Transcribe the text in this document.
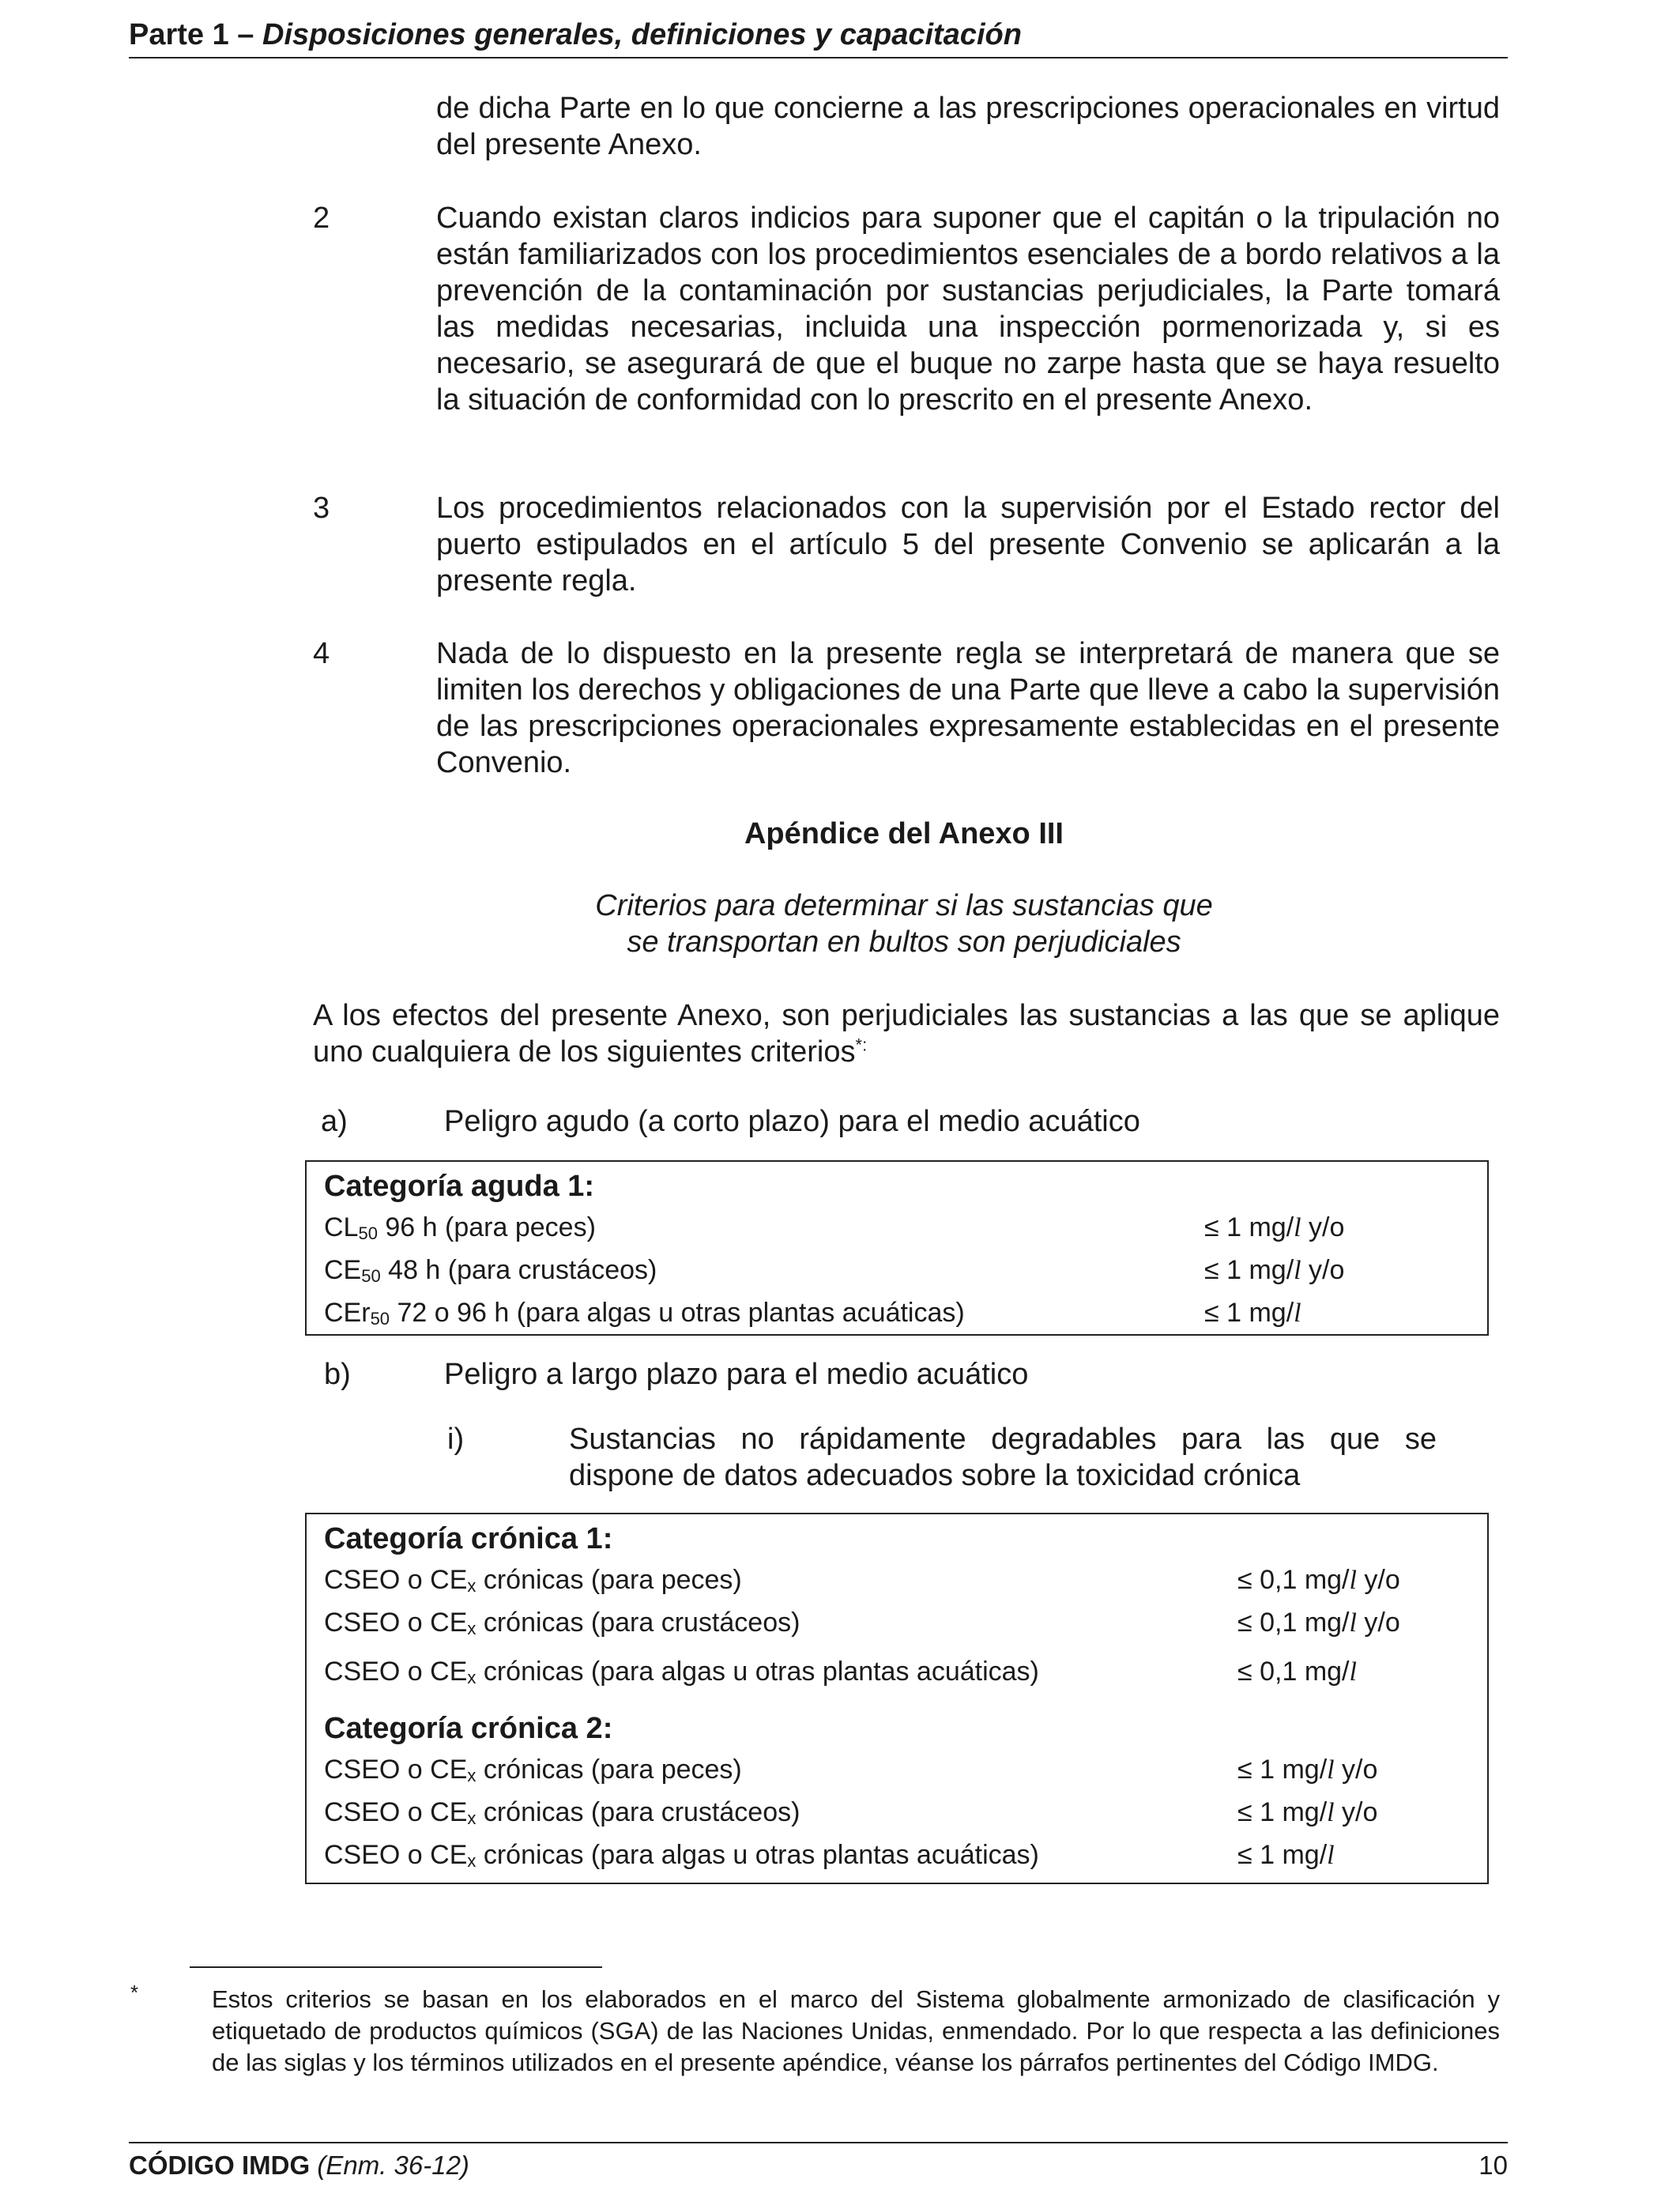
Parte 1 – Disposiciones generales, definiciones y capacitación
de dicha Parte en lo que concierne a las prescripciones operacionales en virtud del presente Anexo.
2	Cuando existan claros indicios para suponer que el capitán o la tripulación no están familiarizados con los procedimientos esenciales de a bordo relativos a la prevención de la contaminación por sustancias perjudiciales, la Parte tomará las medidas necesarias, incluida una inspección pormenorizada y, si es necesario, se asegurará de que el buque no zarpe hasta que se haya resuelto la situación de conformidad con lo prescrito en el presente Anexo.
3	Los procedimientos relacionados con la supervisión por el Estado rector del puerto estipulados en el artículo 5 del presente Convenio se aplicarán a la presente regla.
4	Nada de lo dispuesto en la presente regla se interpretará de manera que se limiten los derechos y obligaciones de una Parte que lleve a cabo la supervisión de las prescripciones operacionales expresamente establecidas en el presente Convenio.
Apéndice del Anexo III
Criterios para determinar si las sustancias que
se transportan en bultos son perjudiciales
A los efectos del presente Anexo, son perjudiciales las sustancias a las que se aplique uno cualquiera de los siguientes criterios*:
a)	Peligro agudo (a corto plazo) para el medio acuático
Categoría aguda 1:
$CL_{50}$ 96 h (para peces)	≤ 1 mg/l y/o
$CE_{50}$ 48 h (para crustáceos)	≤ 1 mg/l y/o
CEr$_{50}$ 72 o 96 h (para algas u otras plantas acuáticas)	≤ 1 mg/l
b)	Peligro a largo plazo para el medio acuático
i)	Sustancias no rápidamente degradables para las que se
dispone de datos adecuados sobre la toxicidad crónica
Categoría crónica 1:
CSEO o $CE_x$ crónicas (para peces)	≤ 0,1 mg/l y/o
CSEO o $CE_x$ crónicas (para crustáceos)	≤ 0,1 mg/l y/o
CSEO o $CE_x$ crónicas (para algas u otras plantas acuáticas)	≤ 0,1 mg/l
Categoría crónica 2:
CSEO o $CE_x$ crónicas (para peces)	≤ 1 mg/l y/o
CSEO o $CE_x$ crónicas (para crustáceos)	≤ 1 mg/l y/o
CSEO o $CE_x$ crónicas (para algas u otras plantas acuáticas)	≤ 1 mg/l
*	Estos criterios se basan en los elaborados en el marco del Sistema globalmente armonizado de clasificación y etiquetado de productos químicos (SGA) de las Naciones Unidas, enmendado. Por lo que respecta a las definiciones de las siglas y los términos utilizados en el presente apéndice, véanse los párrafos pertinentes del Código IMDG.
CÓDIGO IMDG (Enm. 36-12)	10
